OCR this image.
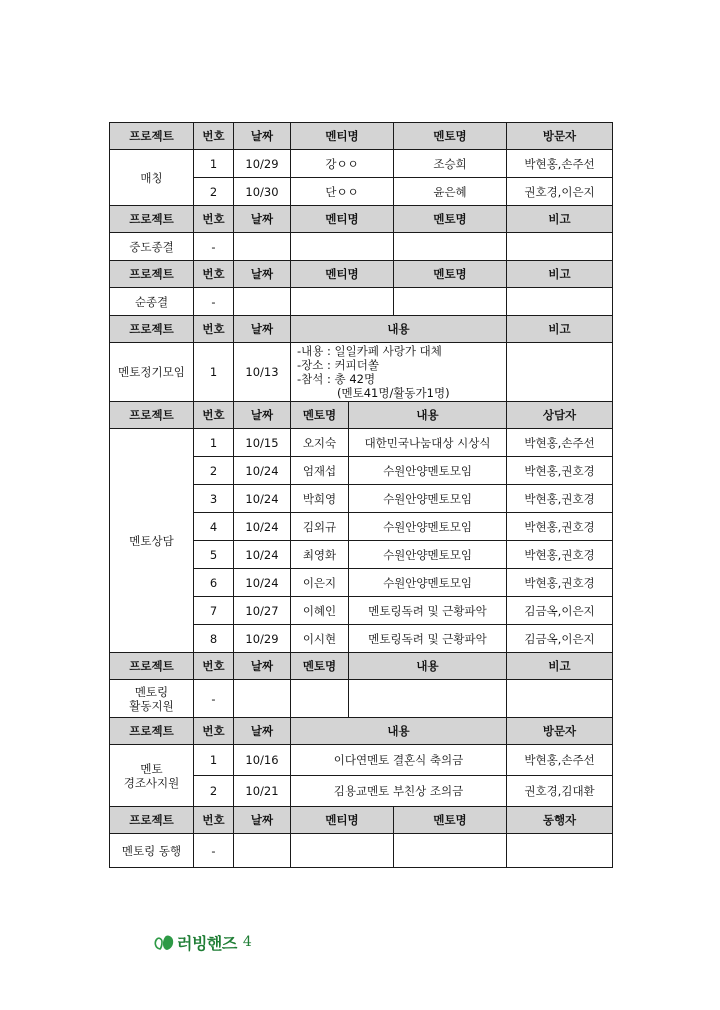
프로젝트	번호	날짜	멘티명		멘토명	방문자
매칭	1	10/29	강ㅇㅇ		조승희	박현홍,손주선
	2	10/30	단ㅇㅇ		윤은혜	권호경,이은지
프로젝트	번호	날짜	멘티명		멘토명	비고
중도종결	-					
프로젝트	번호	날짜	멘티명		멘토명	비고
순종결	-					
프로젝트	번호	날짜	내용			비고
멘토정기모임	1	10/13	-내용 : 일일카페 사랑가 대체
-장소 : 커피더쏠
-참석 : 총 42명
(멘토41명/활동가1명)			

프로젝트	번호	날짜	멘토명	내용		상담자
멘토상담	1	10/15	오지숙	대한민국나눔대상 시상식		박현홍,손주선
	2	10/24	엄재섭	수원안양멘토모임		박현홍,권호경
	3	10/24	박희영	수원안양멘토모임		박현홍,권호경
	4	10/24	김외규	수원안양멘토모임		박현홍,권호경
	5	10/24	최영화	수원안양멘토모임		박현홍,권호경
	6	10/24	이은지	수원안양멘토모임		박현홍,권호경
	7	10/27	이혜인	멘토링독려 및 근황파악		김금옥,이은지
	8	10/29	이시현	멘토링독려 및 근황파악		김금옥,이은지
프로젝트	번호	날짜	멘토명	내용		비고

멘토링
활동지원	-					
프로젝트	번호	날짜	내용			방문자

멘토
경조사지원	1	10/16	이다연멘토 결혼식 축의금			박현홍,손주선
	2	10/21	김용교멘토 부친상 조의금			권호경,김대환
프로젝트	번호	날짜	멘티명		멘토명	동행자
멘토링 동행	-					
러빙핸즈 4
